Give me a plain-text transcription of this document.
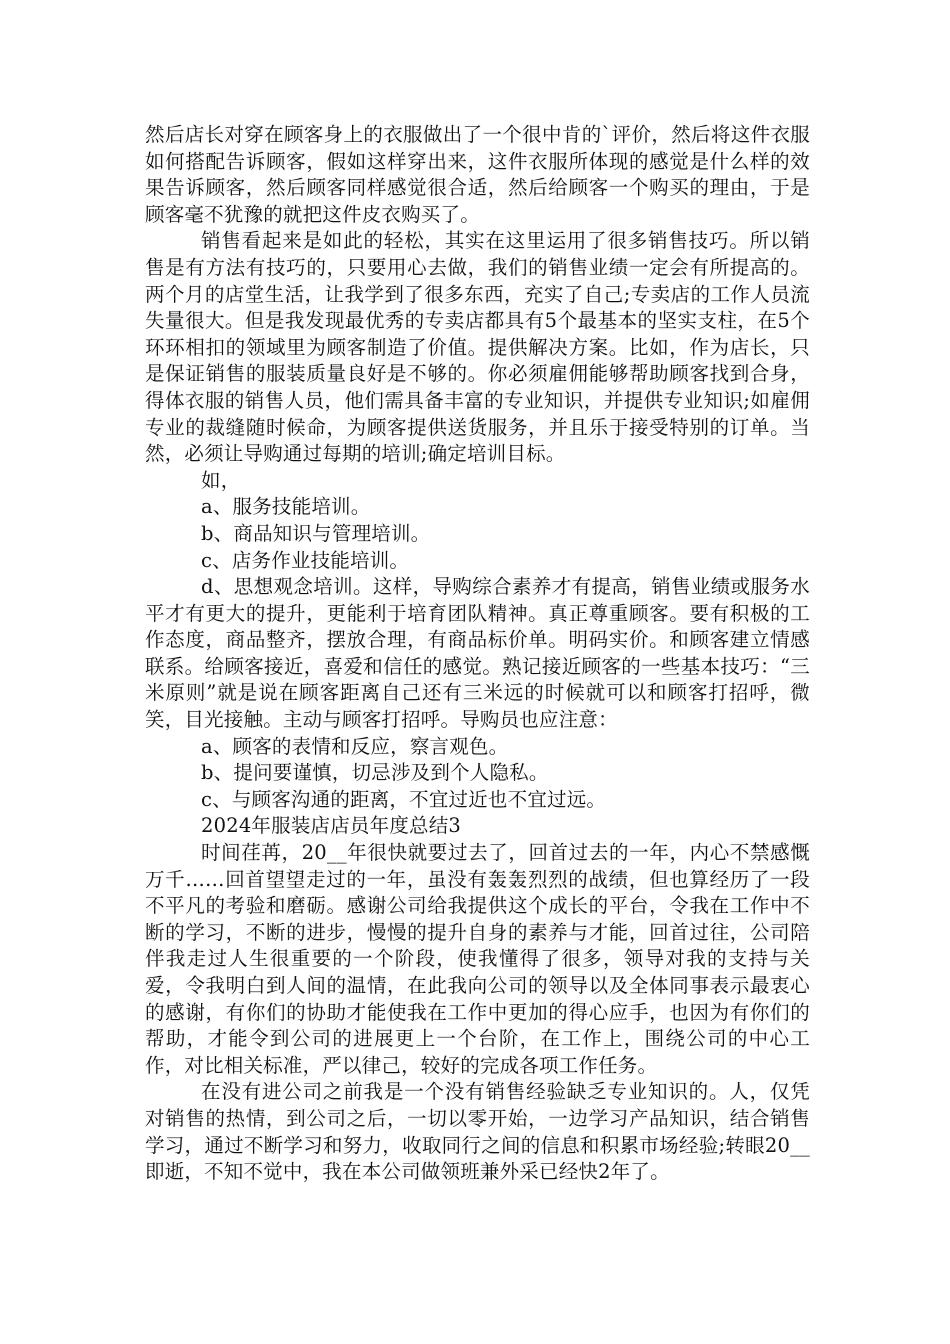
然后店长对穿在顾客身上的衣服做出了一个很中肯的`评价，然后将这件衣服如何搭配告诉顾客，假如这样穿出来，这件衣服所体现的感觉是什么样的效果告诉顾客，然后顾客同样感觉很合适，然后给顾客一个购买的理由，于是顾客毫不犹豫的就把这件皮衣购买了。

销售看起来是如此的轻松，其实在这里运用了很多销售技巧。所以销售是有方法有技巧的，只要用心去做，我们的销售业绩一定会有所提高的。两个月的店堂生活，让我学到了很多东西，充实了自己;专卖店的工作人员流失量很大。但是我发现最优秀的专卖店都具有5个最基本的坚实支柱，在5个环环相扣的领域里为顾客制造了价值。提供解决方案。比如，作为店长，只是保证销售的服装质量良好是不够的。你必须雇佣能够帮助顾客找到合身，得体衣服的销售人员，他们需具备丰富的专业知识，并提供专业知识;如雇佣专业的裁缝随时候命，为顾客提供送货服务，并且乐于接受特别的订单。当然，必须让导购通过每期的培训;确定培训目标。

如，

a、服务技能培训。

b、商品知识与管理培训。

c、店务作业技能培训。

d、思想观念培训。这样，导购综合素养才有提高，销售业绩或服务水平才有更大的提升，更能利于培育团队精神。真正尊重顾客。要有积极的工作态度，商品整齐，摆放合理，有商品标价单。明码实价。和顾客建立情感联系。给顾客接近，喜爱和信任的感觉。熟记接近顾客的一些基本技巧：“三米原则”就是说在顾客距离自己还有三米远的时候就可以和顾客打招呼，微笑，目光接触。主动与顾客打招呼。导购员也应注意：

a、顾客的表情和反应，察言观色。

b、提问要谨慎，切忌涉及到个人隐私。

c、与顾客沟通的距离，不宜过近也不宜过远。

2024年服装店店员年度总结3

时间荏苒，20__年很快就要过去了，回首过去的一年，内心不禁感慨万千……回首望望走过的一年，虽没有轰轰烈烈的战绩，但也算经历了一段不平凡的考验和磨砺。感谢公司给我提供这个成长的平台，令我在工作中不断的学习，不断的进步，慢慢的提升自身的素养与才能，回首过往，公司陪伴我走过人生很重要的一个阶段，使我懂得了很多，领导对我的支持与关爱，令我明白到人间的温情，在此我向公司的领导以及全体同事表示最衷心的感谢，有你们的协助才能使我在工作中更加的得心应手，也因为有你们的帮助，才能令到公司的进展更上一个台阶，在工作上，围绕公司的中心工作，对比相关标准，严以律己，较好的完成各项工作任务。

在没有进公司之前我是一个没有销售经验缺乏专业知识的。人，仅凭对销售的热情，到公司之后，一切以零开始，一边学习产品知识，结合销售学习，通过不断学习和努力，收取同行之间的信息和积累市场经验;转眼20__即逝，不知不觉中，我在本公司做领班兼外采已经快2年了。
